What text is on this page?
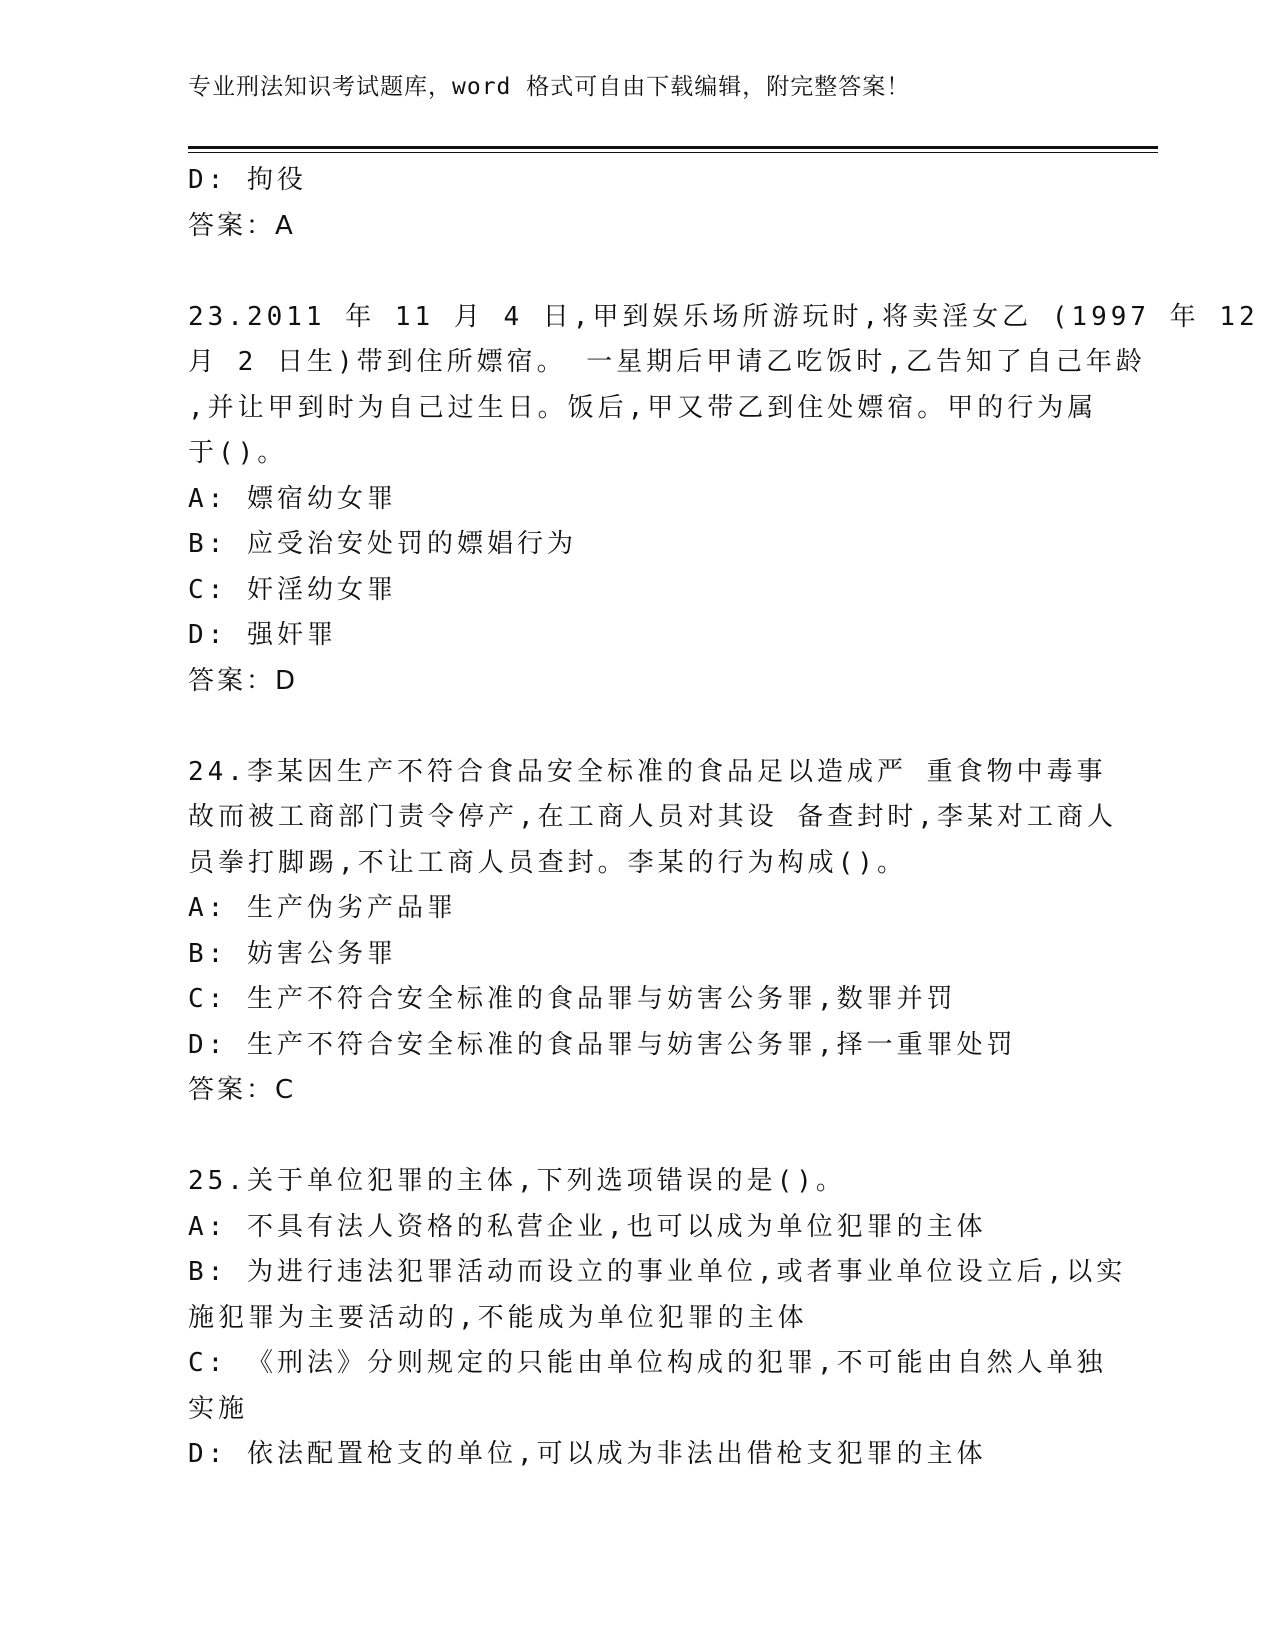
专业刑法知识考试题库，word 格式可自由下载编辑，附完整答案！
D: 拘役
答案：A
23.2011 年 11 月 4 日,甲到娱乐场所游玩时,将卖淫女乙 (1997 年 12
月 2 日生)带到住所嫖宿。 一星期后甲请乙吃饭时,乙告知了自己年龄
,并让甲到时为自己过生日。饭后,甲又带乙到住处嫖宿。甲的行为属
于()。
A: 嫖宿幼女罪
B: 应受治安处罚的嫖娼行为
C: 奸淫幼女罪
D: 强奸罪
答案：D
24.李某因生产不符合食品安全标准的食品足以造成严 重食物中毒事
故而被工商部门责令停产,在工商人员对其设 备查封时,李某对工商人
员拳打脚踢,不让工商人员查封。李某的行为构成()。
A: 生产伪劣产品罪
B: 妨害公务罪
C: 生产不符合安全标准的食品罪与妨害公务罪,数罪并罚
D: 生产不符合安全标准的食品罪与妨害公务罪,择一重罪处罚
答案：C
25.关于单位犯罪的主体,下列选项错误的是()。
A: 不具有法人资格的私营企业,也可以成为单位犯罪的主体
B: 为进行违法犯罪活动而设立的事业单位,或者事业单位设立后,以实
施犯罪为主要活动的,不能成为单位犯罪的主体
C: 《刑法》分则规定的只能由单位构成的犯罪,不可能由自然人单独
实施
D: 依法配置枪支的单位,可以成为非法出借枪支犯罪的主体
